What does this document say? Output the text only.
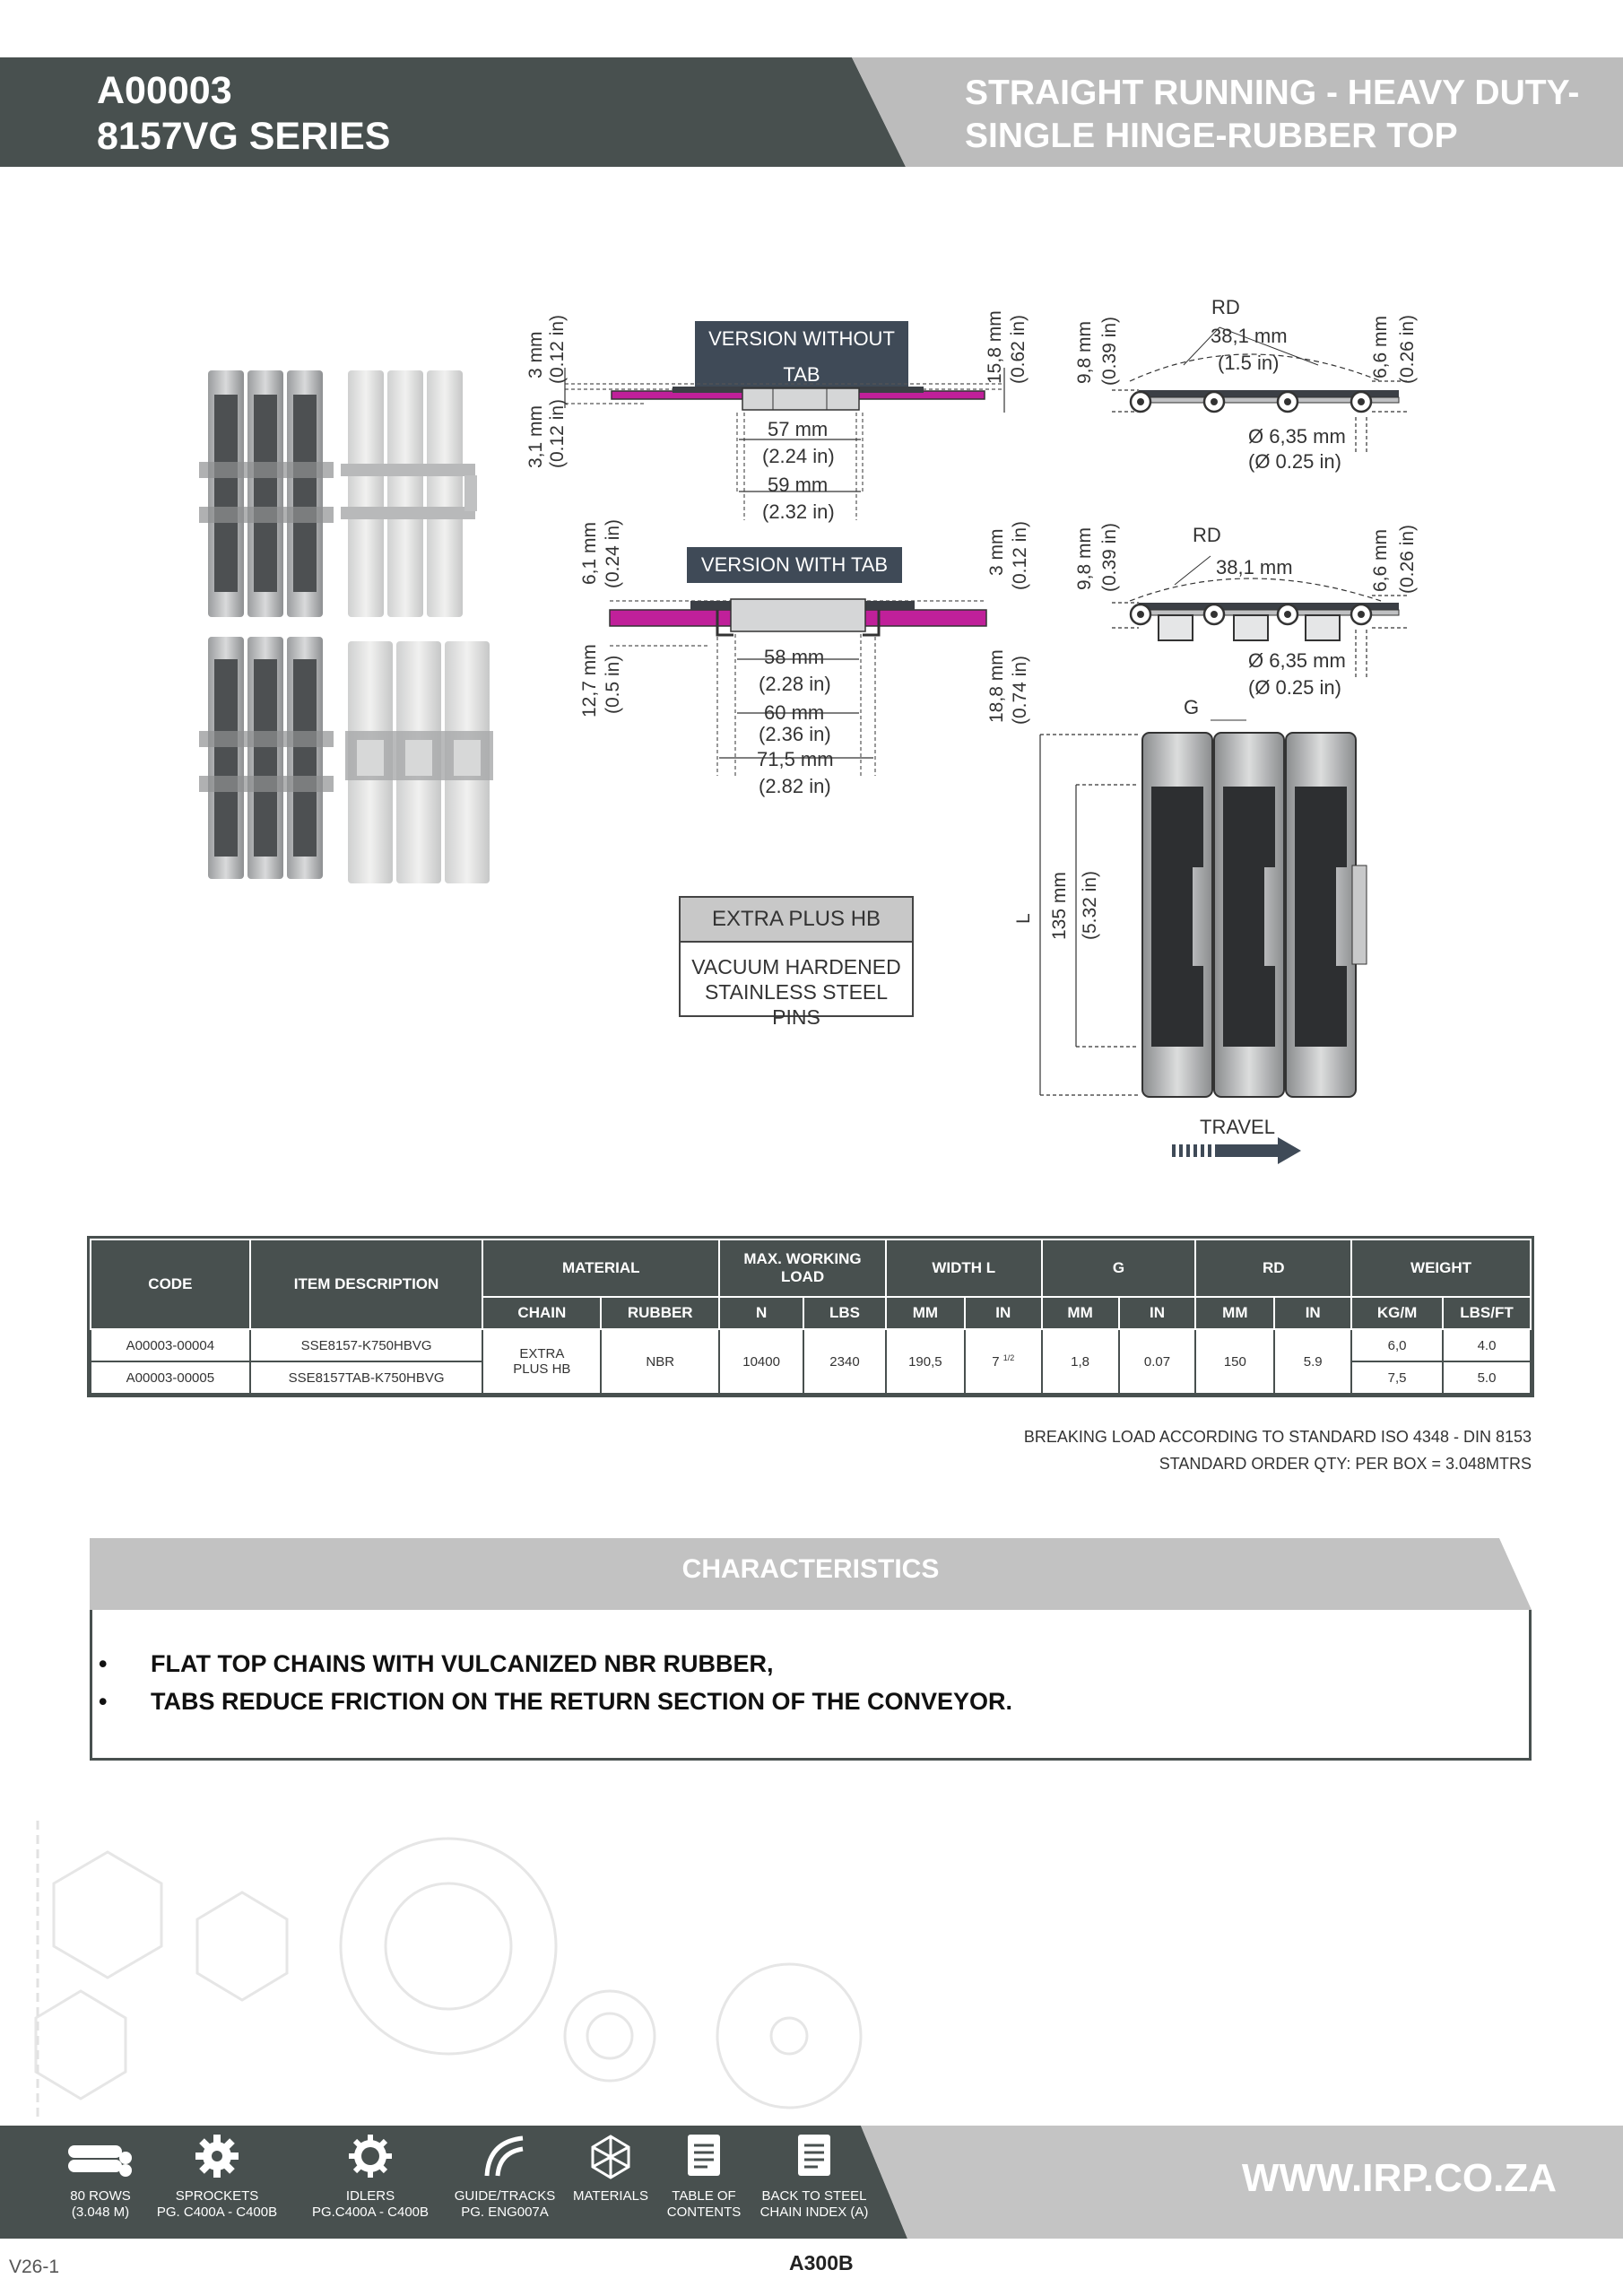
A00003
8157VG SERIES
STRAIGHT RUNNING - HEAVY DUTY-
SINGLE HINGE-RUBBER TOP
VERSION WITHOUT TAB
3 mm (0.12 in)
3,1 mm (0.12 in)
15,8 mm (0.62 in)
57 mm
(2.24 in)
59 mm
(2.32 in)
VERSION WITH TAB
6,1 mm (0.24 in)
12,7 mm (0.5 in)
3 mm (0.12 in)
18,8 mm (0.74 in)
58 mm
(2.28 in)
60 mm
(2.36 in)
71,5 mm
(2.82 in)
RD
38,1 mm
(1.5 in)
9,8 mm (0.39 in)	6,6 mm (0.26 in)
Ø 6,35 mm
(Ø 0.25 in)
RD
38,1 mm
9,8 mm (0.39 in)	6,6 mm (0.26 in)
Ø 6,35 mm
(Ø 0.25 in)
G
L 135 mm (5.32 in)
TRAVEL
EXTRA PLUS HB
VACUUM HARDENED
STAINLESS STEEL PINS
CODE	ITEM DESCRIPTION	MATERIAL		MAX. WORKING LOAD		WIDTH L		G		RD		WEIGHT	
		CHAIN	RUBBER	N	LBS	MM	IN	MM	IN	MM	IN	KG/M	LBS/FT
A00003-00004	SSE8157-K750HBVG	EXTRA PLUS HB	NBR	10400	2340	190,5	7 $^{1/2}$	1,8	0.07	150	5.9	6,0	4.0
A00003-00005	SSE8157TAB-K750HBVG											7,5	5.0
BREAKING LOAD ACCORDING TO STANDARD ISO 4348 - DIN 8153
STANDARD ORDER QTY: PER BOX = 3.048MTRS
CHARACTERISTICS
• FLAT TOP CHAINS WITH VULCANIZED NBR RUBBER,
• TABS REDUCE FRICTION ON THE RETURN SECTION OF THE CONVEYOR.
80 ROWS
(3.048 M)
SPROCKETS
PG. C400A - C400B
IDLERS
PG.C400A - C400B
GUIDE/TRACKS
PG. ENG007A
MATERIALS	TABLE OF
CONTENTS
BACK TO STEEL
CHAIN INDEX (A)
WWW.IRP.CO.ZA
V26-1	A300B
